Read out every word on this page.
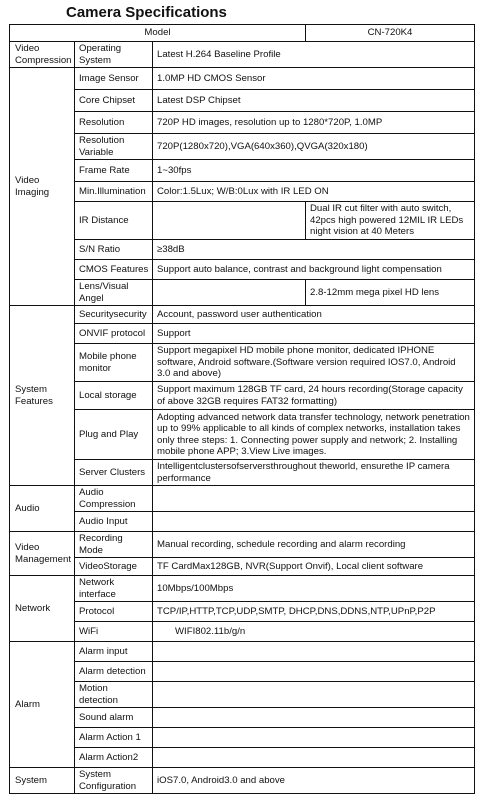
Camera Specifications
Model			CN-720K4
Video Compression	Operating System	Latest H.264 Baseline Profile	
Video Imaging	Image Sensor	1.0MP HD CMOS Sensor	
	Core Chipset	Latest DSP Chipset	
	Resolution	720P HD images, resolution up to 1280*720P, 1.0MP	
	Resolution Variable	720P(1280x720),VGA(640x360),QVGA(320x180)	
	Frame Rate	1~30fps	
	Min.Illumination	Color:1.5Lux; W/B:0Lux with IR LED ON	
	IR Distance		Dual IR cut filter with auto switch, 42pcs high powered 12MIL IR LEDs night vision at 40 Meters
	S/N Ratio	≥38dB	
	CMOS Features	Support auto balance, contrast and background light compensation	
	Lens/Visual Angel		2.8-12mm mega pixel HD lens
System Features	Securitysecurity	Account, password user authentication	
	ONVIF protocol	Support	
	Mobile phone monitor	Support megapixel HD mobile phone monitor, dedicated IPHONE software, Android software.(Software version required IOS7.0, Android 3.0 and above)	
	Local storage	Support maximum 128GB TF card, 24 hours recording(Storage capacity of above 32GB requires FAT32 formatting)	
	Plug and Play	Adopting advanced network data transfer technology, network penetration up to 99% applicable to all kinds of complex networks, installation takes only three steps: 1. Connecting power supply and network; 2. Installing mobile phone APP; 3.View Live images.	
	Server Clusters	Intelligentclustersofserversthroughout theworld, ensurethe IP camera performance	
Audio	Audio Compression		
	Audio Input		
Video Management	Recording Mode	Manual recording, schedule recording and alarm recording	
	VideoStorage	TF CardMax128GB, NVR(Support Onvif), Local client software	
Network	Network interface	10Mbps/100Mbps	
	Protocol	TCP/IP,HTTP,TCP,UDP,SMTP, DHCP,DNS,DDNS,NTP,UPnP,P2P	
	WiFi	WIFI802.11b/g/n	
Alarm	Alarm input		
	Alarm detection		
	Motion detection		
	Sound alarm		
	Alarm Action 1		
	Alarm Action2		
System	System Configuration	iOS7.0, Android3.0 and above	
